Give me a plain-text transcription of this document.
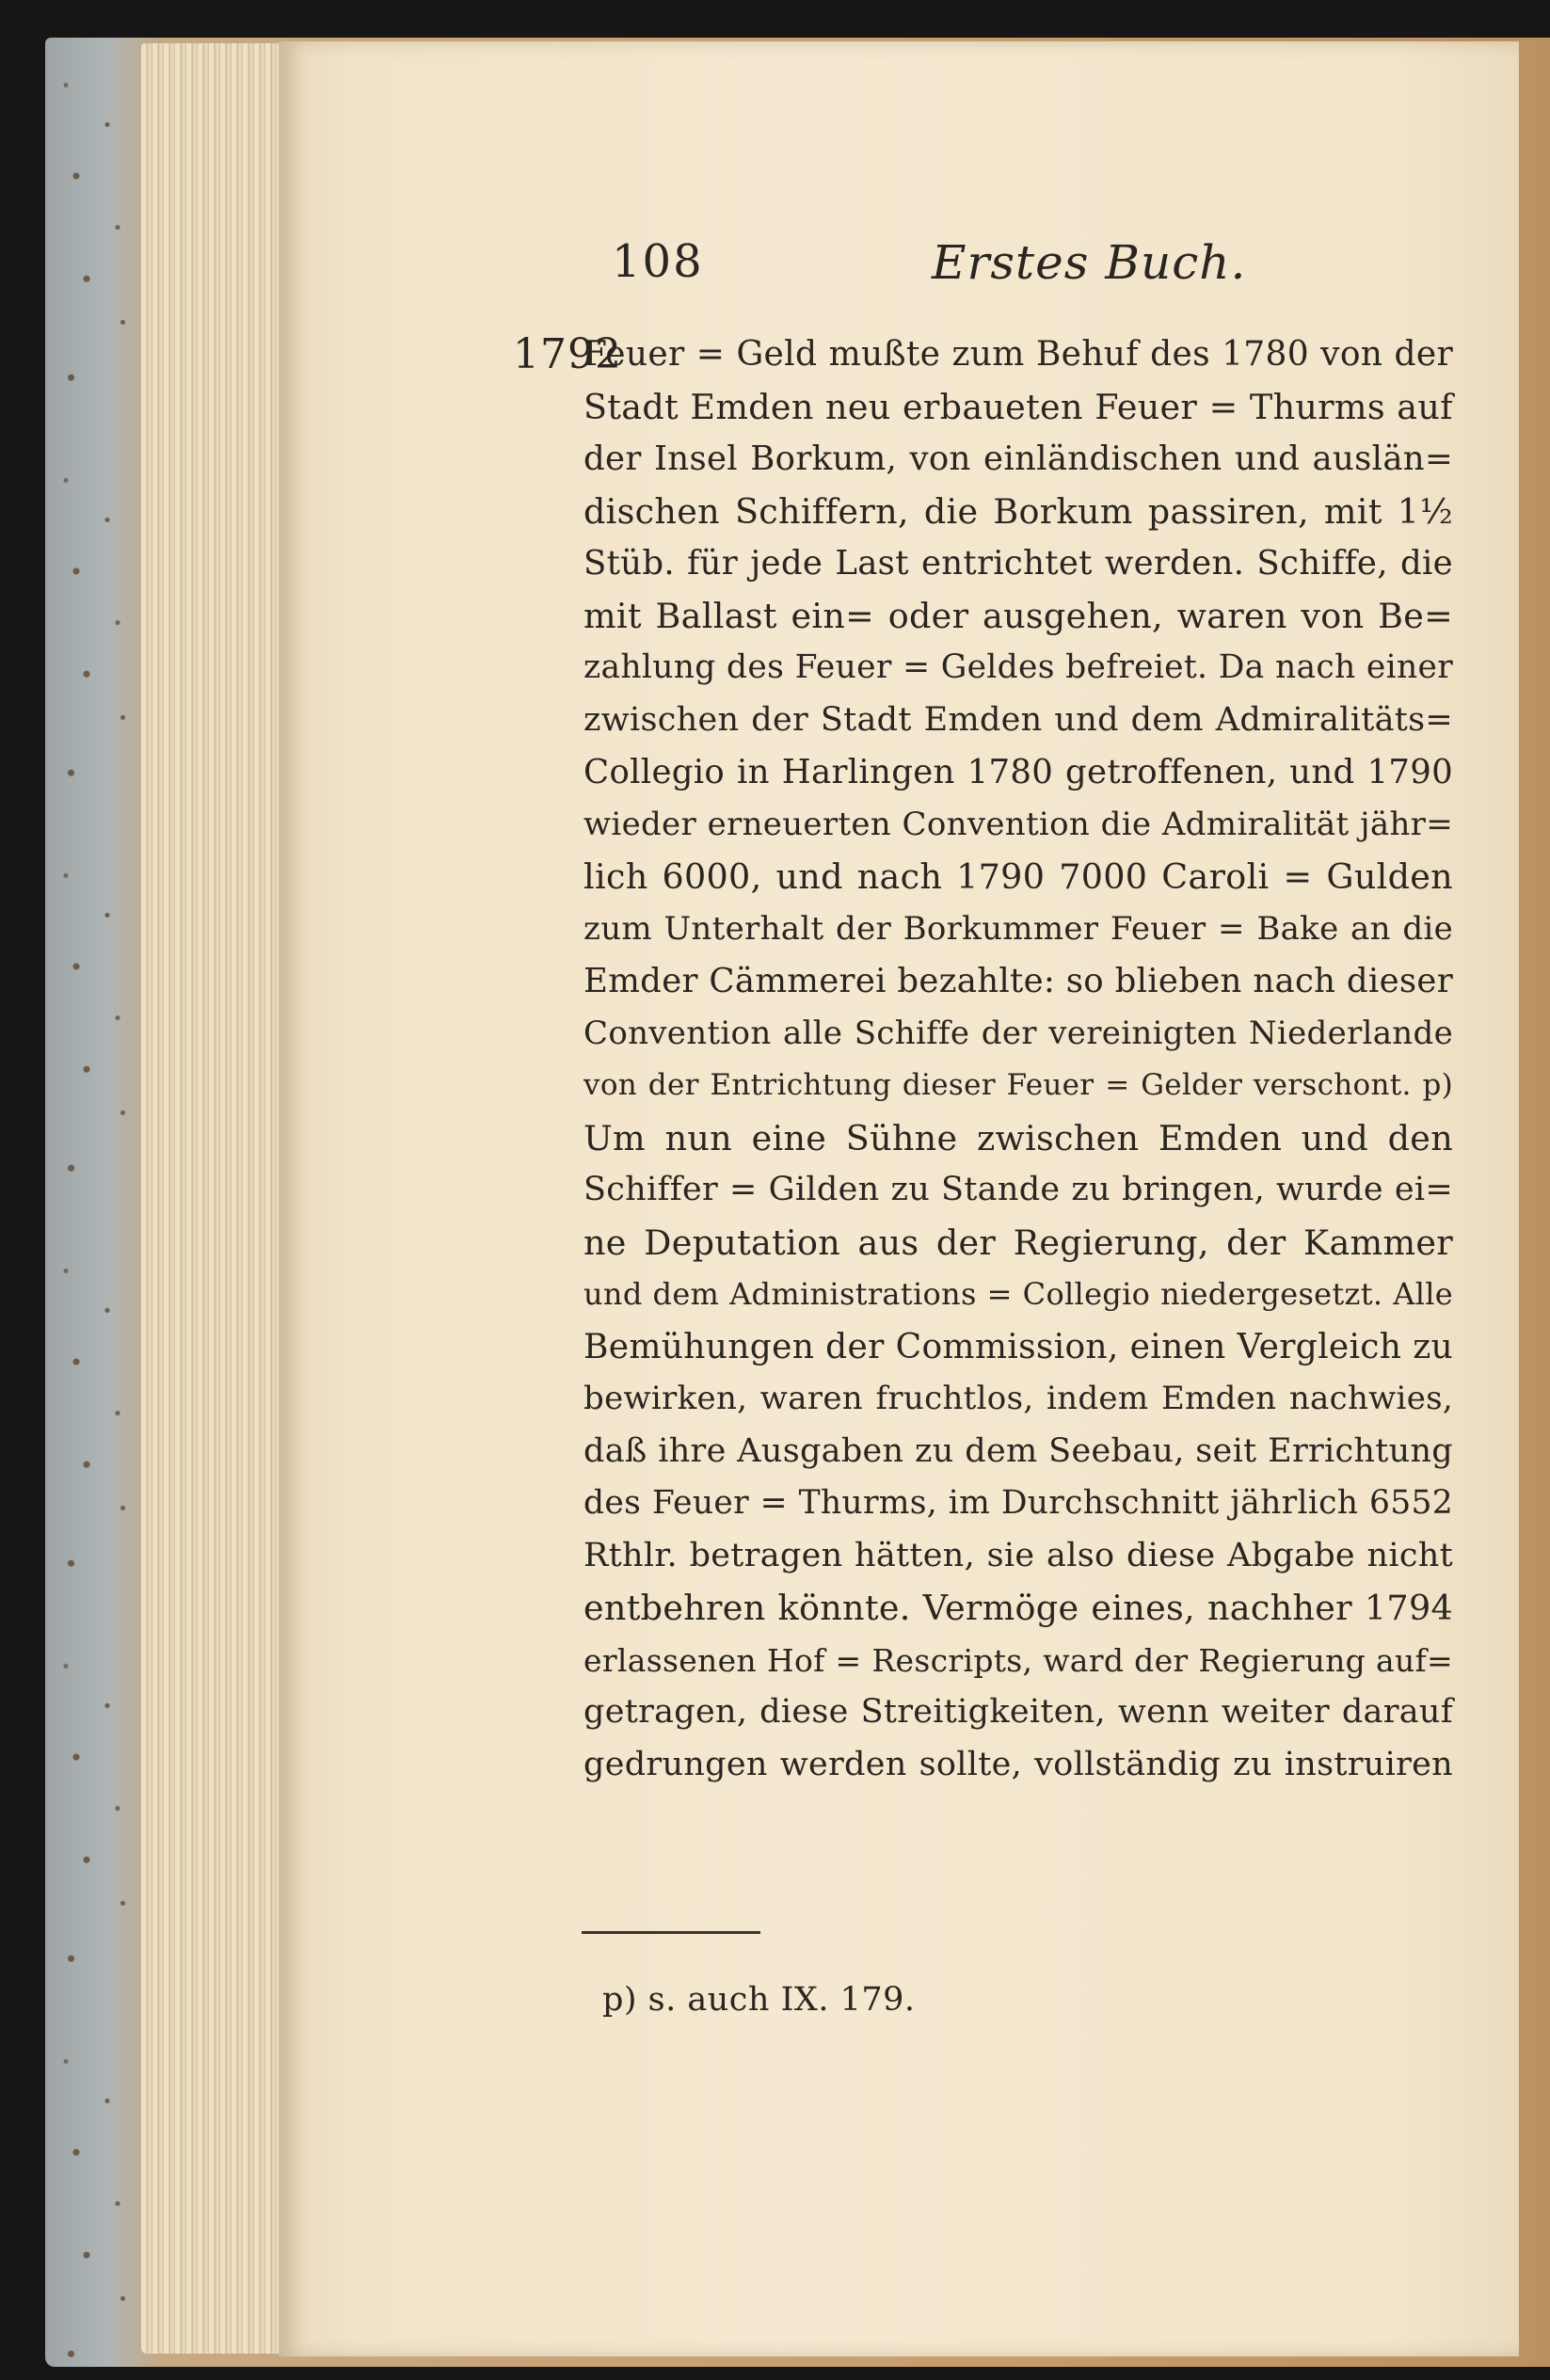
108	Erstes Buch.
1792
Feuer = Geld mußte zum Behuf des 1780 von der
Stadt Emden neu erbaueten Feuer = Thurms auf
der Insel Borkum, von einländischen und auslän=
dischen Schiffern, die Borkum passiren, mit 1½
Stüb. für jede Last entrichtet werden. Schiffe, die
mit Ballast ein= oder ausgehen, waren von Be=
zahlung des Feuer = Geldes befreiet. Da nach einer
zwischen der Stadt Emden und dem Admiralitäts=
Collegio in Harlingen 1780 getroffenen, und 1790
wieder erneuerten Convention die Admiralität jähr=
lich 6000, und nach 1790 7000 Caroli = Gulden
zum Unterhalt der Borkummer Feuer = Bake an die
Emder Cämmerei bezahlte: so blieben nach dieser
Convention alle Schiffe der vereinigten Niederlande
von der Entrichtung dieser Feuer = Gelder verschont. p)
Um nun eine Sühne zwischen Emden und den
Schiffer = Gilden zu Stande zu bringen, wurde ei=
ne Deputation aus der Regierung, der Kammer
und dem Administrations = Collegio niedergesetzt. Alle
Bemühungen der Commission, einen Vergleich zu
bewirken, waren fruchtlos, indem Emden nachwies,
daß ihre Ausgaben zu dem Seebau, seit Errichtung
des Feuer = Thurms, im Durchschnitt jährlich 6552
Rthlr. betragen hätten, sie also diese Abgabe nicht
entbehren könnte. Vermöge eines, nachher 1794
erlassenen Hof = Rescripts, ward der Regierung auf=
getragen, diese Streitigkeiten, wenn weiter darauf
gedrungen werden sollte, vollständig zu instruiren
p) s. auch IX. 179.
